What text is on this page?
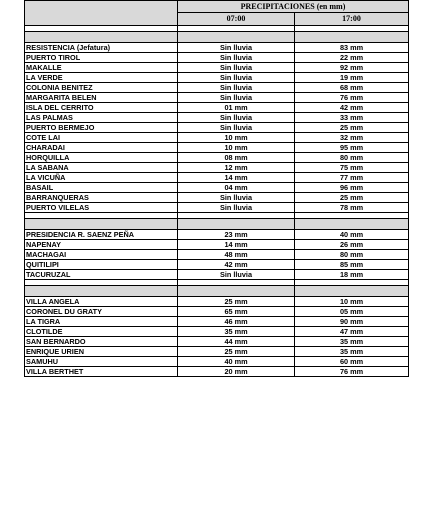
	PRECIPITACIONES (en mm)	
	07:00	17:00

RESISTENCIA (Jefatura)	Sin lluvia	83 mm
PUERTO TIROL	Sin lluvia	22 mm
MAKALLE	Sin lluvia	92 mm
LA VERDE	Sin lluvia	19 mm
COLONIA BENITEZ	Sin lluvia	68 mm
MARGARITA BELEN	Sin lluvia	76 mm
ISLA DEL CERRITO	01 mm	42 mm
LAS PALMAS	Sin lluvia	33 mm
PUERTO BERMEJO	Sin lluvia	25 mm
COTE LAI	10 mm	32 mm
CHARADAI	10 mm	95 mm
HORQUILLA	08 mm	80 mm
LA SABANA	12 mm	75 mm
LA VICUÑA	14 mm	77 mm
BASAIL	04 mm	96 mm
BARRANQUERAS	Sin lluvia	25 mm
PUERTO VILELAS	Sin lluvia	78 mm

PRESIDENCIA R. SAENZ PEÑA	23 mm	40 mm
NAPENAY	14 mm	26 mm
MACHAGAI	48 mm	80 mm
QUITILIPI	42 mm	85 mm
TACURUZAL	Sin lluvia	18 mm

VILLA ANGELA	25 mm	10 mm
CORONEL DU GRATY	65 mm	05 mm
LA TIGRA	46 mm	90 mm
CLOTILDE	35 mm	47 mm
SAN BERNARDO	44 mm	35 mm
ENRIQUE URIEN	25 mm	35 mm
SAMUHU	40 mm	60 mm
VILLA BERTHET	20 mm	76 mm
